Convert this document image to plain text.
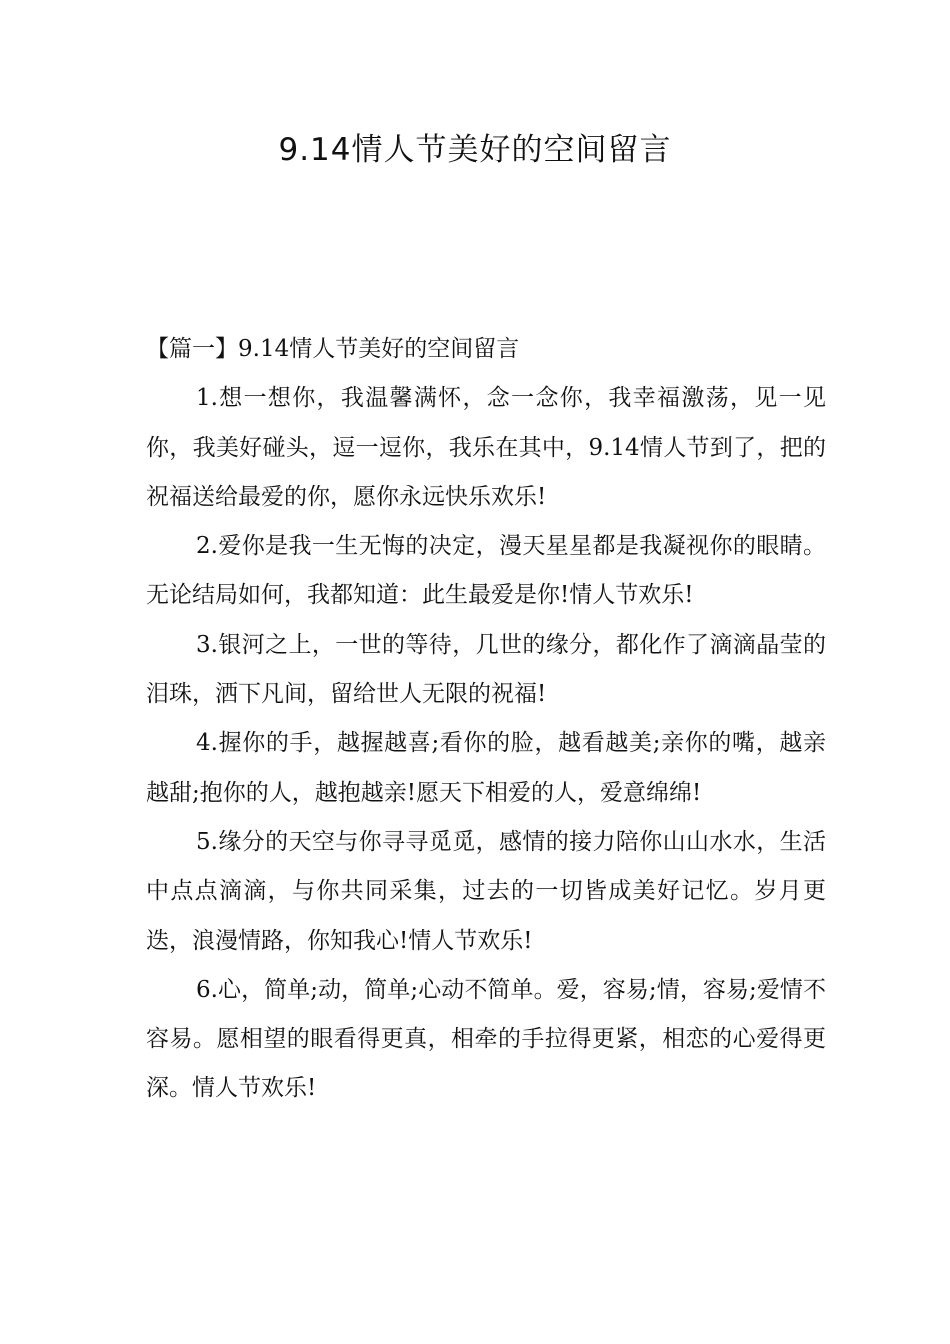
9.14情人节美好的空间留言

【篇一】9.14情人节美好的空间留言

1.想一想你，我温馨满怀，念一念你，我幸福激荡，见一见你，我美好碰头，逗一逗你，我乐在其中，9.14情人节到了，把的祝福送给最爱的你，愿你永远快乐欢乐!

2.爱你是我一生无悔的决定，漫天星星都是我凝视你的眼睛。无论结局如何，我都知道：此生最爱是你!情人节欢乐!

3.银河之上，一世的等待，几世的缘分，都化作了滴滴晶莹的泪珠，洒下凡间，留给世人无限的祝福!

4.握你的手，越握越喜;看你的脸，越看越美;亲你的嘴，越亲越甜;抱你的人，越抱越亲!愿天下相爱的人，爱意绵绵!

5.缘分的天空与你寻寻觅觅，感情的接力陪你山山水水，生活中点点滴滴，与你共同采集，过去的一切皆成美好记忆。岁月更迭，浪漫情路，你知我心!情人节欢乐!

6.心，简单;动，简单;心动不简单。爱，容易;情，容易;爱情不容易。愿相望的眼看得更真，相牵的手拉得更紧，相恋的心爱得更深。情人节欢乐!
